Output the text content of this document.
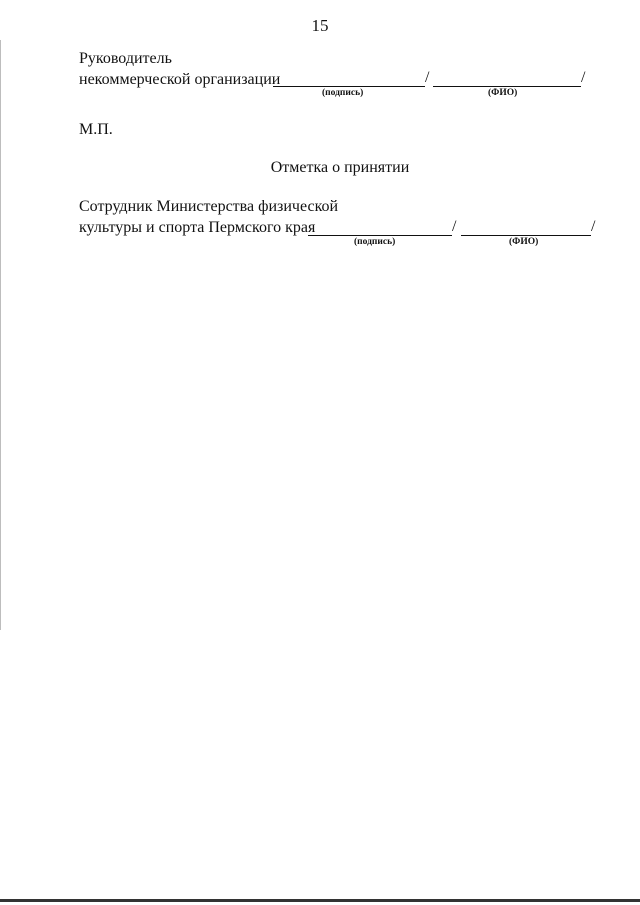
15
Руководитель
некоммерческой организации	/	/
(подпись)	(ФИО)
М.П.
Отметка о принятии
Сотрудник Министерства физической
культуры и спорта Пермского края	/	/
(подпись)	(ФИО)
